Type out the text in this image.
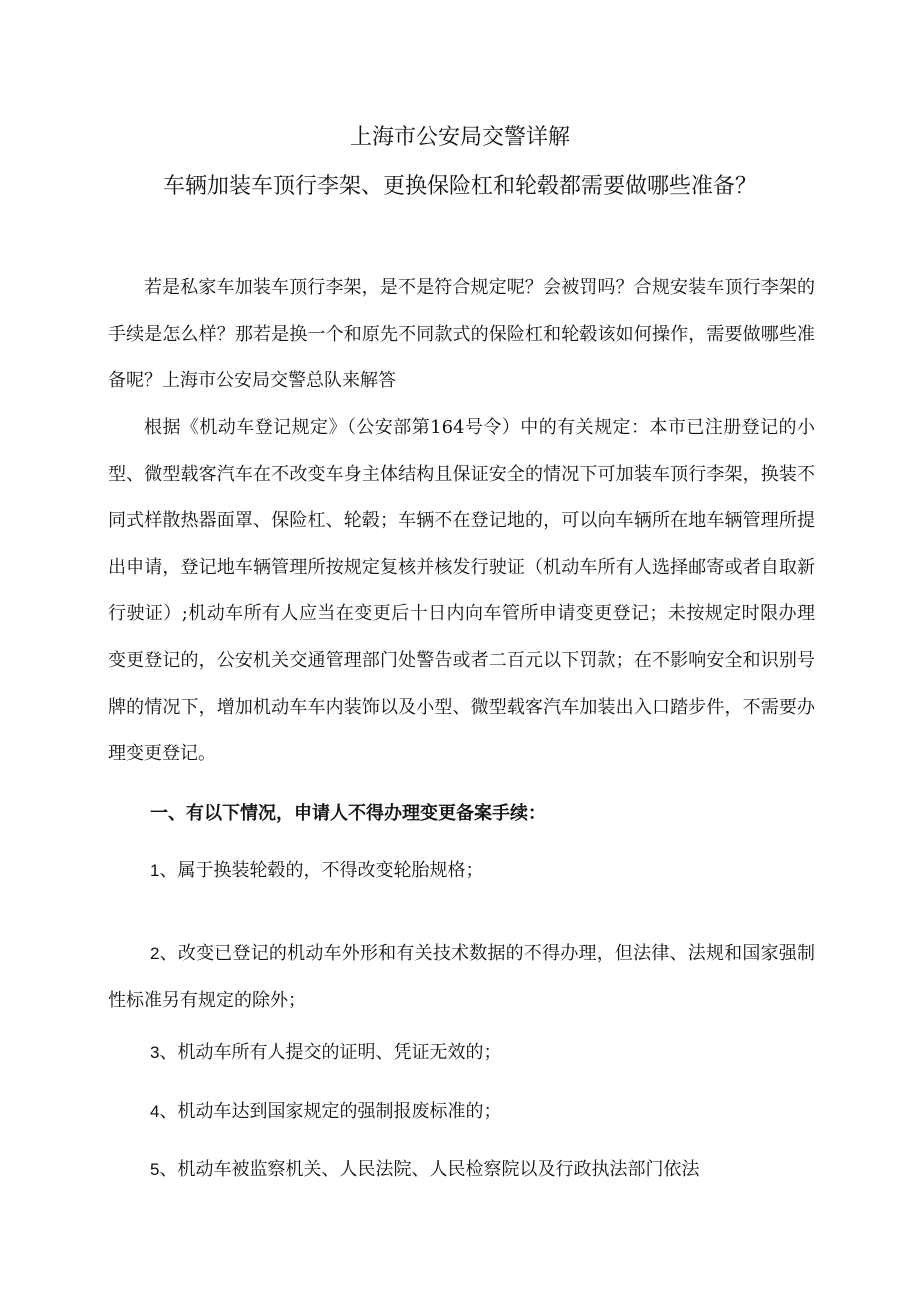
上海市公安局交警详解
车辆加装车顶行李架、更换保险杠和轮毂都需要做哪些准备？
若是私家车加装车顶行李架，是不是符合规定呢？会被罚吗？合规安装车顶行李架的手续是怎么样？那若是换一个和原先不同款式的保险杠和轮毂该如何操作，需要做哪些准备呢？上海市公安局交警总队来解答
根据《机动车登记规定》（公安部第164号令）中的有关规定：本市已注册登记的小型、微型载客汽车在不改变车身主体结构且保证安全的情况下可加装车顶行李架，换装不同式样散热器面罩、保险杠、轮毂；车辆不在登记地的，可以向车辆所在地车辆管理所提出申请，登记地车辆管理所按规定复核并核发行驶证（机动车所有人选择邮寄或者自取新行驶证）;机动车所有人应当在变更后十日内向车管所申请变更登记；未按规定时限办理变更登记的，公安机关交通管理部门处警告或者二百元以下罚款；在不影响安全和识别号牌的情况下，增加机动车车内装饰以及小型、微型载客汽车加装出入口踏步件，不需要办理变更登记。
一、有以下情况，申请人不得办理变更备案手续：
1、属于换装轮毂的，不得改变轮胎规格；
2、改变已登记的机动车外形和有关技术数据的不得办理，但法律、法规和国家强制性标准另有规定的除外；
3、机动车所有人提交的证明、凭证无效的；
4、机动车达到国家规定的强制报废标准的；
5、机动车被监察机关、人民法院、人民检察院以及行政执法部门依法
